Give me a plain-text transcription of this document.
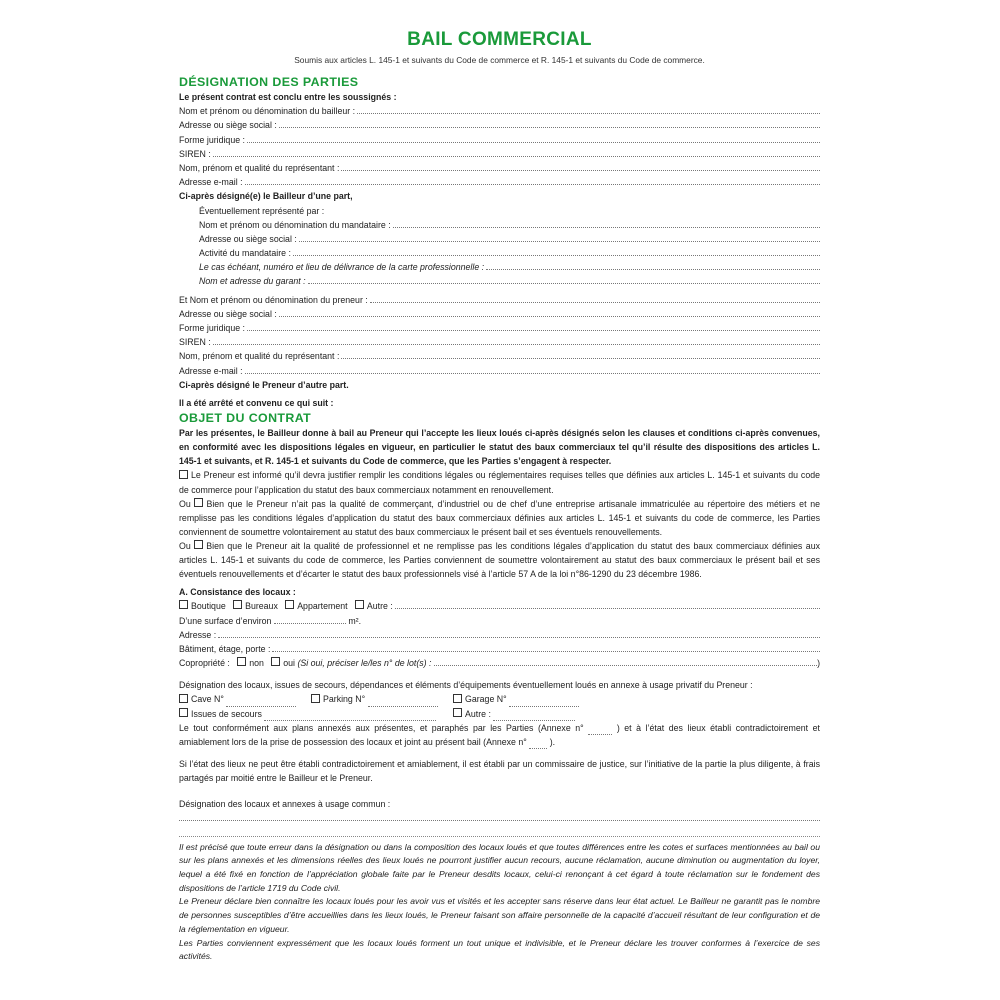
BAIL COMMERCIAL
Soumis aux articles L. 145-1 et suivants du Code de commerce et R. 145-1 et suivants du Code de commerce.
DÉSIGNATION DES PARTIES
Le présent contrat est conclu entre les soussignés :
Nom et prénom ou dénomination du bailleur :
Adresse ou siège social :
Forme juridique :
SIREN :
Nom, prénom et qualité du représentant :
Adresse e-mail :
Ci-après désigné(e) le Bailleur d’une part,
Éventuellement représenté par :
Nom et prénom ou dénomination du mandataire :
Adresse ou siège social :
Activité du mandataire :
Le cas échéant, numéro et lieu de délivrance de la carte professionnelle :
Nom et adresse du garant :
Et Nom et prénom ou dénomination du preneur :
Adresse ou siège social :
Forme juridique :
SIREN :
Nom, prénom et qualité du représentant :
Adresse e-mail :
Ci-après désigné le Preneur d’autre part.
Il a été arrêté et convenu ce qui suit :
OBJET DU CONTRAT
Par les présentes, le Bailleur donne à bail au Preneur qui l’accepte les lieux loués ci-après désignés selon les clauses et conditions ci-après convenues, en conformité avec les dispositions légales en vigueur, en particulier le statut des baux commerciaux tel qu’il résulte des dispositions des articles L. 145-1 et suivants, et R. 145-1 et suivants du Code de commerce, que les Parties s’engagent à respecter.
Le Preneur est informé qu’il devra justifier remplir les conditions légales ou réglementaires requises telles que définies aux articles L. 145-1 et suivants du code de commerce pour l’application du statut des baux commerciaux notamment en renouvellement.
Ou Bien que le Preneur n’ait pas la qualité de commerçant, d’industriel ou de chef d’une entreprise artisanale immatriculée au répertoire des métiers et ne remplisse pas les conditions légales d’application du statut des baux commerciaux définies aux articles L. 145-1 et suivants du code de commerce, les Parties conviennent de soumettre volontairement au statut des baux commerciaux le présent bail et ses éventuels renouvellements.
Ou Bien que le Preneur ait la qualité de professionnel et ne remplisse pas les conditions légales d’application du statut des baux commerciaux définies aux articles L. 145-1 et suivants du code de commerce, les Parties conviennent de soumettre volontairement au statut des baux commerciaux le présent bail et ses éventuels renouvellements et d’écarter le statut des baux professionnels visé à l’article 57 A de la loi n°86-1290 du 23 décembre 1986.
A. Consistance des locaux :
Boutique
Bureaux
Appartement
Autre :
D’une surface d’environ

	m².
Adresse :
Bâtiment, étage, porte :
Copropriété :
non
oui
(Si oui, préciser le/les n° de lot(s) :	)
Désignation des locaux, issues de secours, dépendances et éléments d’équipements éventuellement loués en annexe à usage privatif du Preneur :
Cave N°	Parking N°	Garage N°
Issues de secours	Autre :
Le tout conformément aux plans annexés aux présentes, et paraphés par les Parties (Annexe n°	) et à l’état des lieux établi contradictoirement et amiablement lors de la prise de possession des locaux et joint au présent bail (Annexe n°	).
Si l’état des lieux ne peut être établi contradictoirement et amiablement, il est établi par un commissaire de justice, sur l’initiative de la partie la plus diligente, à frais partagés par moitié entre le Bailleur et le Preneur.
Désignation des locaux et annexes à usage commun :
Il est précisé que toute erreur dans la désignation ou dans la composition des locaux loués et que toutes différences entre les cotes et surfaces mentionnées au bail ou sur les plans annexés et les dimensions réelles des lieux loués ne pourront justifier aucun recours, aucune réclamation, aucune diminution ou augmentation du loyer, lequel a été fixé en fonction de l’appréciation globale faite par le Preneur desdits locaux, celui-ci renonçant à cet égard à toute réclamation sur le fondement des dispositions de l’article 1719 du Code civil.
Le Preneur déclare bien connaître les locaux loués pour les avoir vus et visités et les accepter sans réserve dans leur état actuel. Le Bailleur ne garantit pas le nombre de personnes susceptibles d’être accueillies dans les lieux loués, le Preneur faisant son affaire personnelle de la capacité d’accueil résultant de leur configuration et de la réglementation en vigueur.
Les Parties conviennent expressément que les locaux loués forment un tout unique et indivisible, et le Preneur déclare les trouver conformes à l’exercice de ses activités.
